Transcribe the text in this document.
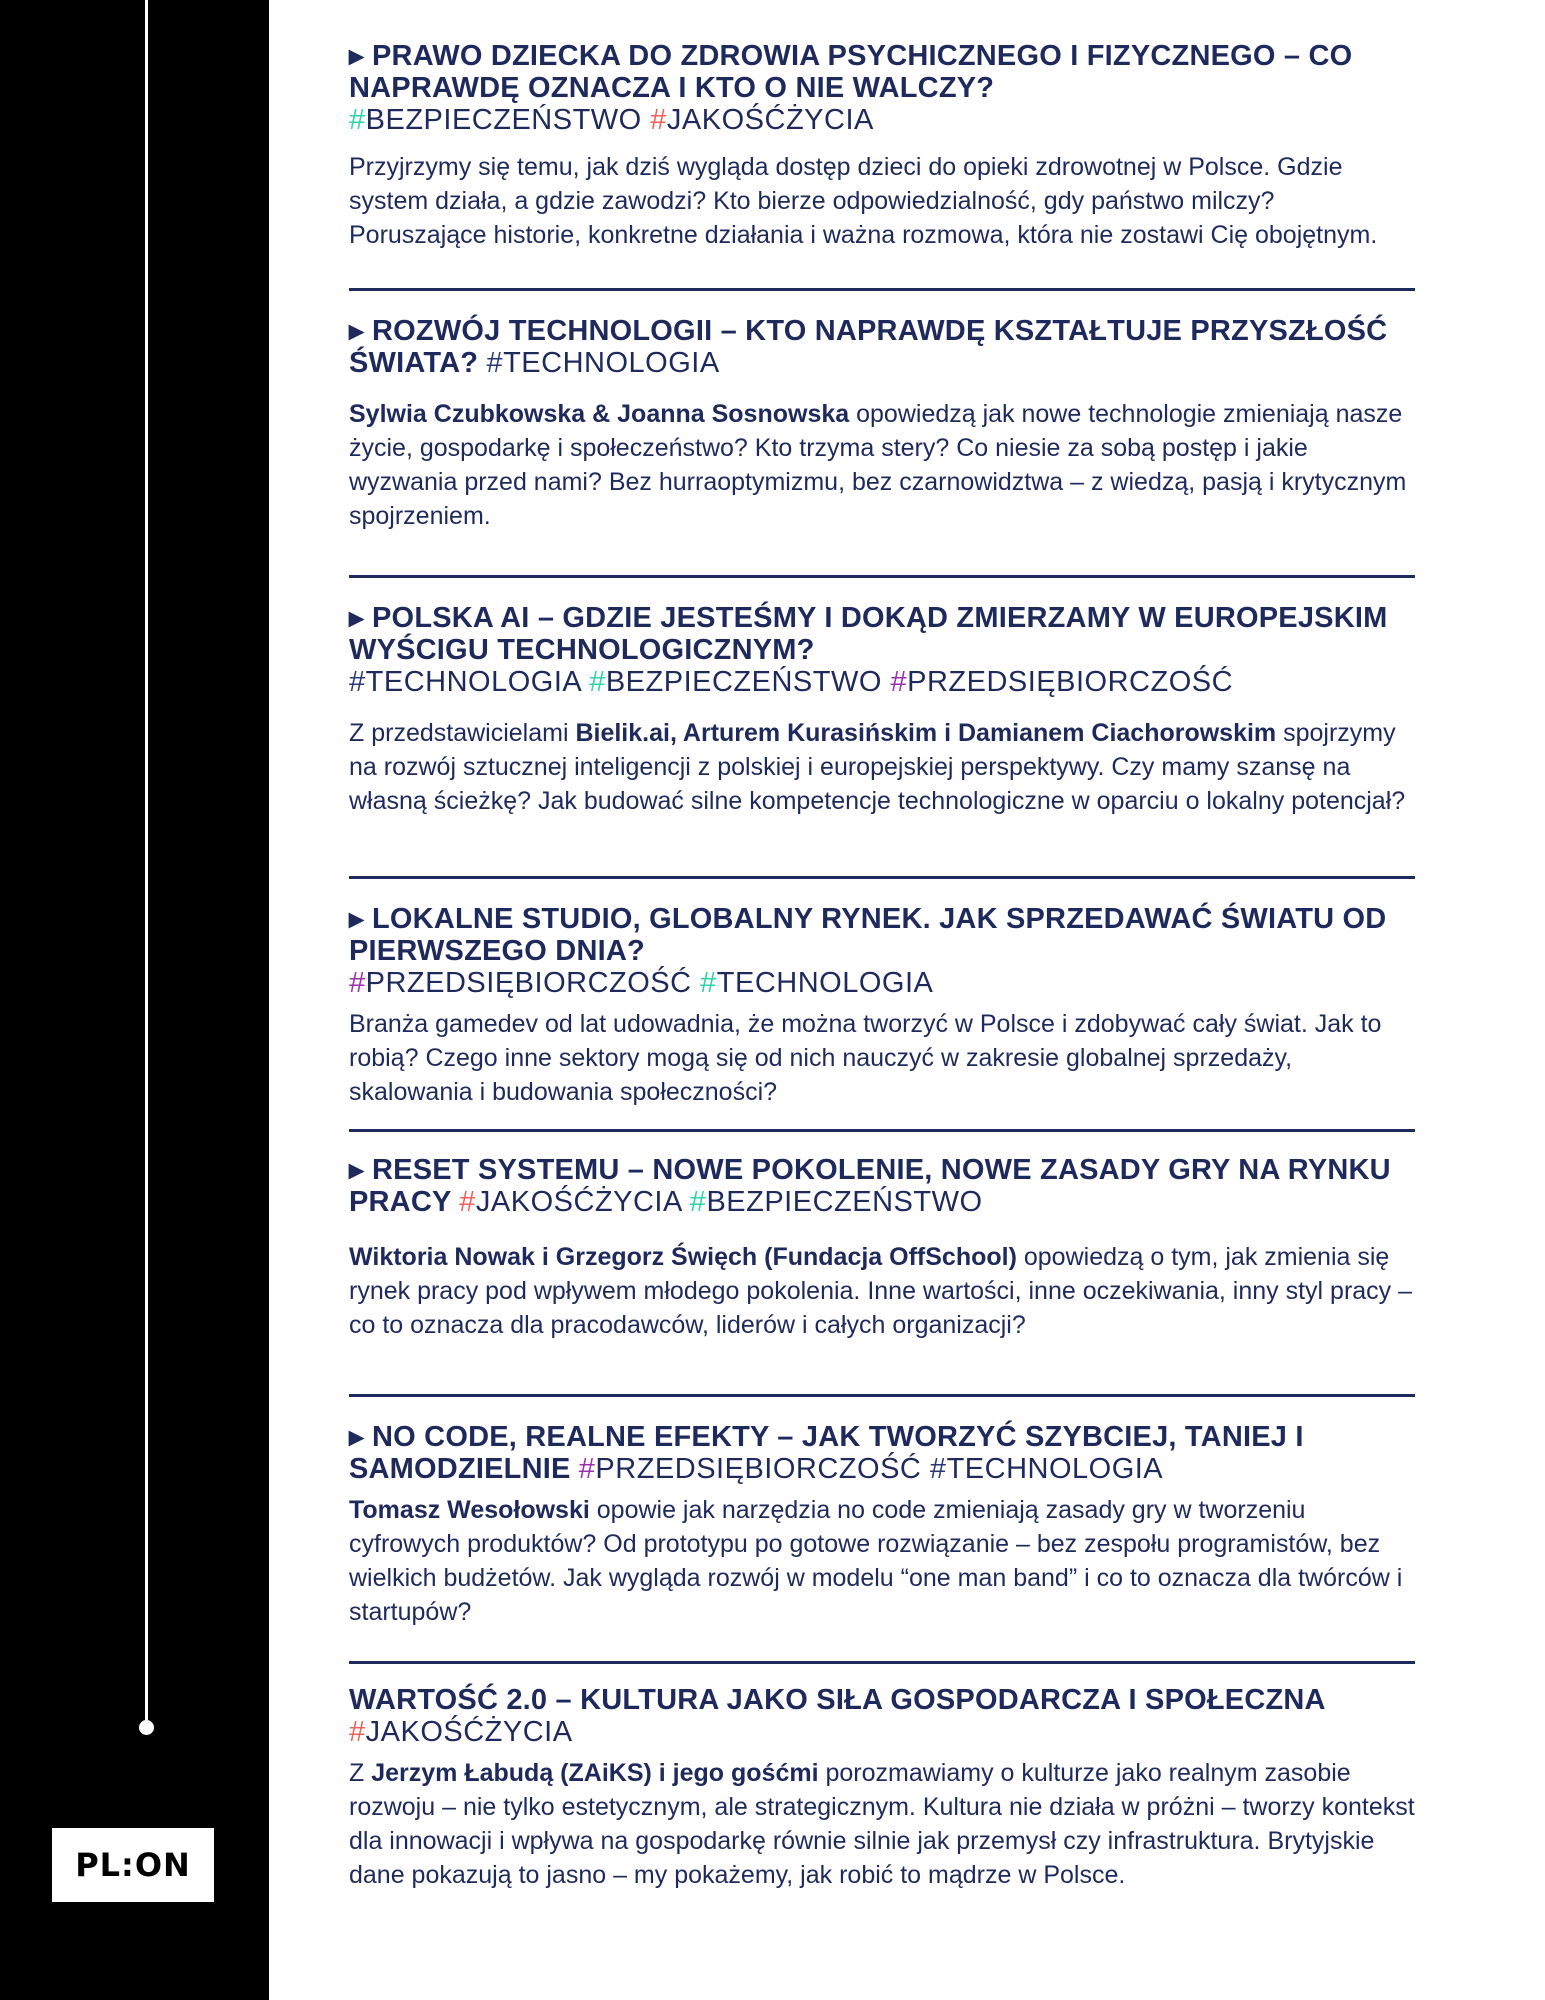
PL:ON
▸ PRAWO DZIECKA DO ZDROWIA PSYCHICZNEGO I FIZYCZNEGO – CO NAPRAWDĘ OZNACZA I KTO O NIE WALCZY?
#BEZPIECZEŃSTWO #JAKOŚĆŻYCIA

Przyjrzymy się temu, jak dziś wygląda dostęp dzieci do opieki zdrowotnej w Polsce. Gdzie system działa, a gdzie zawodzi? Kto bierze odpowiedzialność, gdy państwo milczy? Poruszające historie, konkretne działania i ważna rozmowa, która nie zostawi Cię obojętnym.

▸ ROZWÓJ TECHNOLOGII – KTO NAPRAWDĘ KSZTAŁTUJE PRZYSZŁOŚĆ ŚWIATA? #TECHNOLOGIA

Sylwia Czubkowska & Joanna Sosnowska opowiedzą jak nowe technologie zmieniają nasze życie, gospodarkę i społeczeństwo? Kto trzyma stery? Co niesie za sobą postęp i jakie wyzwania przed nami? Bez hurraoptymizmu, bez czarnowidztwa – z wiedzą, pasją i krytycznym spojrzeniem.

▸ POLSKA AI – GDZIE JESTEŚMY I DOKĄD ZMIERZAMY W EUROPEJSKIM WYŚCIGU TECHNOLOGICZNYM?
#TECHNOLOGIA #BEZPIECZEŃSTWO #PRZEDSIĘBIORCZOŚĆ

Z przedstawicielami Bielik.ai, Arturem Kurasińskim i Damianem Ciachorowskim spojrzymy na rozwój sztucznej inteligencji z polskiej i europejskiej perspektywy. Czy mamy szansę na własną ścieżkę? Jak budować silne kompetencje technologiczne w oparciu o lokalny potencjał?

▸ LOKALNE STUDIO, GLOBALNY RYNEK. JAK SPRZEDAWAĆ ŚWIATU OD PIERWSZEGO DNIA?
#PRZEDSIĘBIORCZOŚĆ #TECHNOLOGIA

Branża gamedev od lat udowadnia, że można tworzyć w Polsce i zdobywać cały świat. Jak to robią? Czego inne sektory mogą się od nich nauczyć w zakresie globalnej sprzedaży, skalowania i budowania społeczności?

▸ RESET SYSTEMU – NOWE POKOLENIE, NOWE ZASADY GRY NA RYNKU PRACY #JAKOŚĆŻYCIA #BEZPIECZEŃSTWO

Wiktoria Nowak i Grzegorz Święch (Fundacja OffSchool) opowiedzą o tym, jak zmienia się rynek pracy pod wpływem młodego pokolenia. Inne wartości, inne oczekiwania, inny styl pracy – co to oznacza dla pracodawców, liderów i całych organizacji?

▸ NO CODE, REALNE EFEKTY – JAK TWORZYĆ SZYBCIEJ, TANIEJ I SAMODZIELNIE #PRZEDSIĘBIORCZOŚĆ #TECHNOLOGIA

Tomasz Wesołowski opowie jak narzędzia no code zmieniają zasady gry w tworzeniu cyfrowych produktów? Od prototypu po gotowe rozwiązanie – bez zespołu programistów, bez wielkich budżetów. Jak wygląda rozwój w modelu “one man band” i co to oznacza dla twórców i startupów?

WARTOŚĆ 2.0 – KULTURA JAKO SIŁA GOSPODARCZA I SPOŁECZNA #JAKOŚĆŻYCIA

Z Jerzym Łabudą (ZAiKS) i jego gośćmi porozmawiamy o kulturze jako realnym zasobie rozwoju – nie tylko estetycznym, ale strategicznym. Kultura nie działa w próżni – tworzy kontekst dla innowacji i wpływa na gospodarkę równie silnie jak przemysł czy infrastruktura. Brytyjskie dane pokazują to jasno – my pokażemy, jak robić to mądrze w Polsce.
